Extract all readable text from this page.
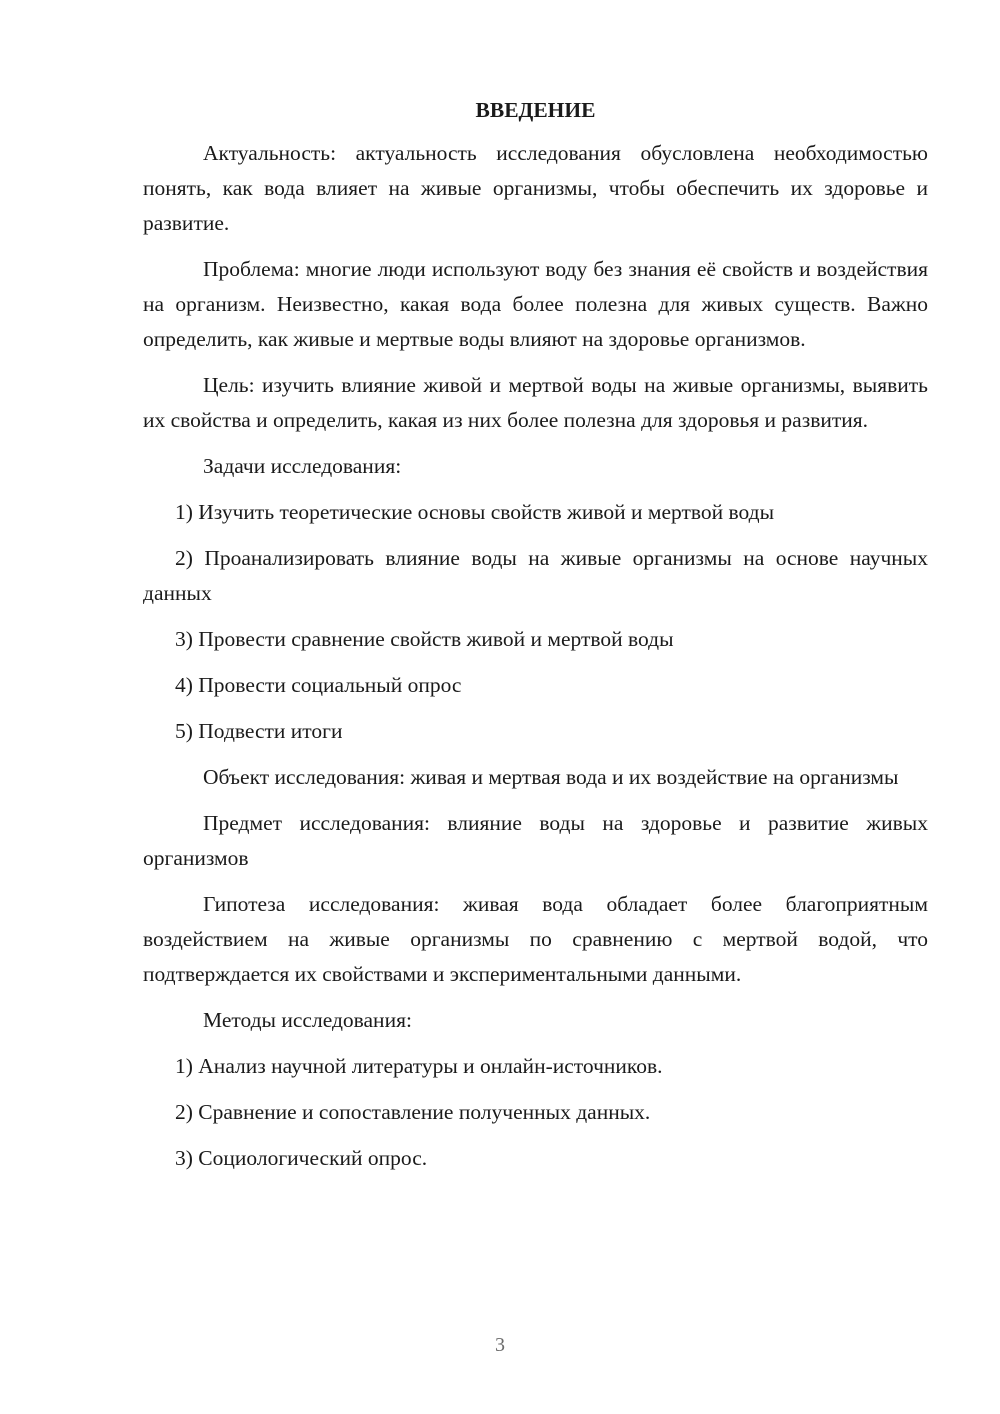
ВВЕДЕНИЕ

Актуальность: актуальность исследования обусловлена необходимостью понять, как вода влияет на живые организмы, чтобы обеспечить их здоровье и развитие.

Проблема: многие люди используют воду без знания её свойств и воздействия на организм. Неизвестно, какая вода более полезна для живых существ. Важно определить, как живые и мертвые воды влияют на здоровье организмов.

Цель: изучить влияние живой и мертвой воды на живые организмы, выявить их свойства и определить, какая из них более полезна для здоровья и развития.

Задачи исследования:

1) Изучить теоретические основы свойств живой и мертвой воды

2) Проанализировать влияние воды на живые организмы на основе научных данных

3) Провести сравнение свойств живой и мертвой воды

4) Провести социальный опрос

5) Подвести итоги

Объект исследования: живая и мертвая вода и их воздействие на организмы

Предмет исследования: влияние воды на здоровье и развитие живых организмов

Гипотеза исследования: живая вода обладает более благоприятным воздействием на живые организмы по сравнению с мертвой водой, что подтверждается их свойствами и экспериментальными данными.

Методы исследования:

1) Анализ научной литературы и онлайн-источников.

2) Сравнение и сопоставление полученных данных.

3) Социологический опрос.

3
